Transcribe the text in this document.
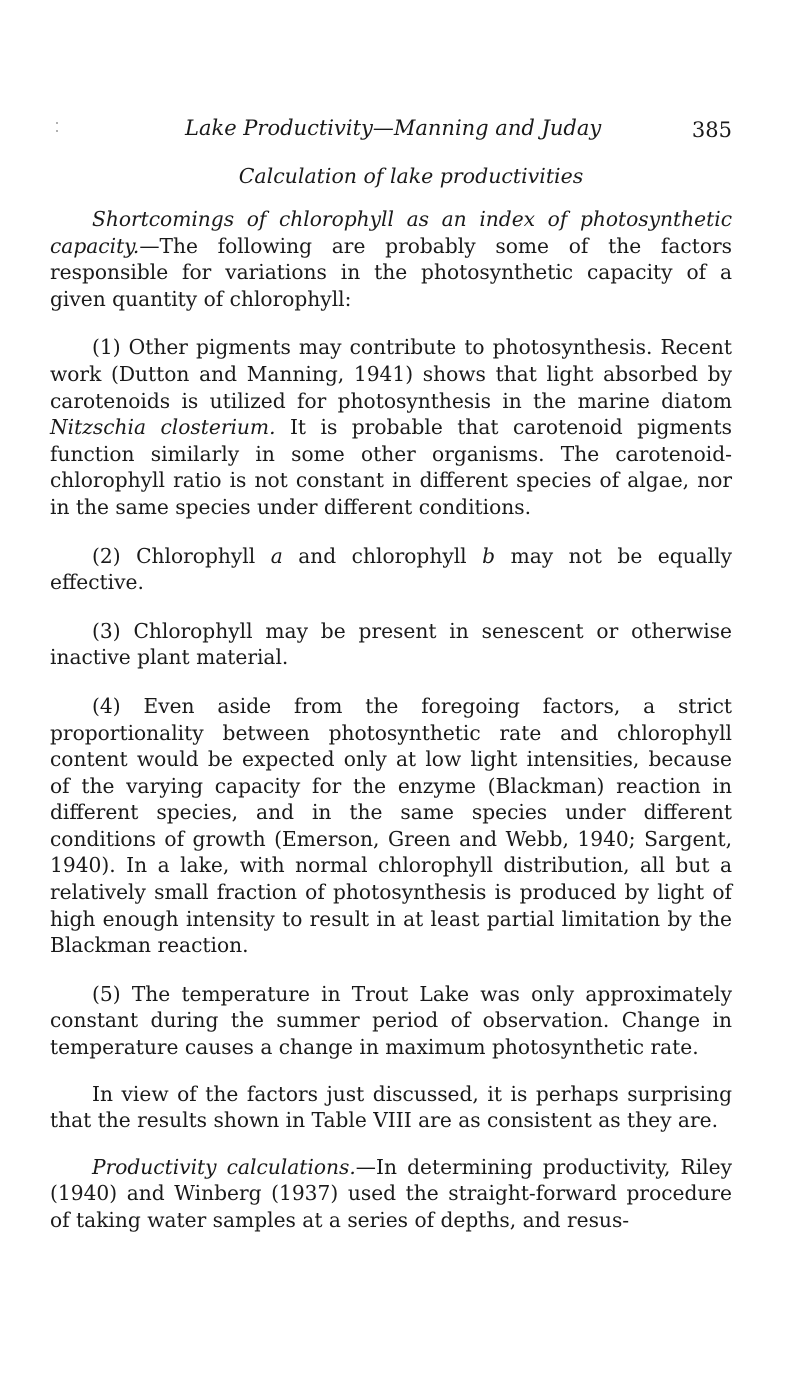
Lake Productivity—Manning and Juday	385
Calculation of lake productivities

Shortcomings of chlorophyll as an index of photosynthetic capacity.—The following are probably some of the factors responsible for variations in the photosynthetic capacity of a given quantity of chlorophyll:

(1) Other pigments may contribute to photosynthesis. Recent work (Dutton and Manning, 1941) shows that light absorbed by carotenoids is utilized for photosynthesis in the marine diatom Nitzschia closterium. It is probable that carotenoid pigments function similarly in some other organisms. The carotenoid-chlorophyll ratio is not constant in different species of algae, nor in the same species under different conditions.

(2) Chlorophyll a and chlorophyll b may not be equally effective.

(3) Chlorophyll may be present in senescent or otherwise inactive plant material.

(4) Even aside from the foregoing factors, a strict proportionality between photosynthetic rate and chlorophyll content would be expected only at low light intensities, because of the varying capacity for the enzyme (Blackman) reaction in different species, and in the same species under different conditions of growth (Emerson, Green and Webb, 1940; Sargent, 1940). In a lake, with normal chlorophyll distribution, all but a relatively small fraction of photosynthesis is produced by light of high enough intensity to result in at least partial limitation by the Blackman reaction.

(5) The temperature in Trout Lake was only approximately constant during the summer period of observation. Change in temperature causes a change in maximum photosynthetic rate.

In view of the factors just discussed, it is perhaps surprising that the results shown in Table VIII are as consistent as they are.

Productivity calculations.—In determining productivity, Riley (1940) and Winberg (1937) used the straight-forward procedure of taking water samples at a series of depths, and resus-
